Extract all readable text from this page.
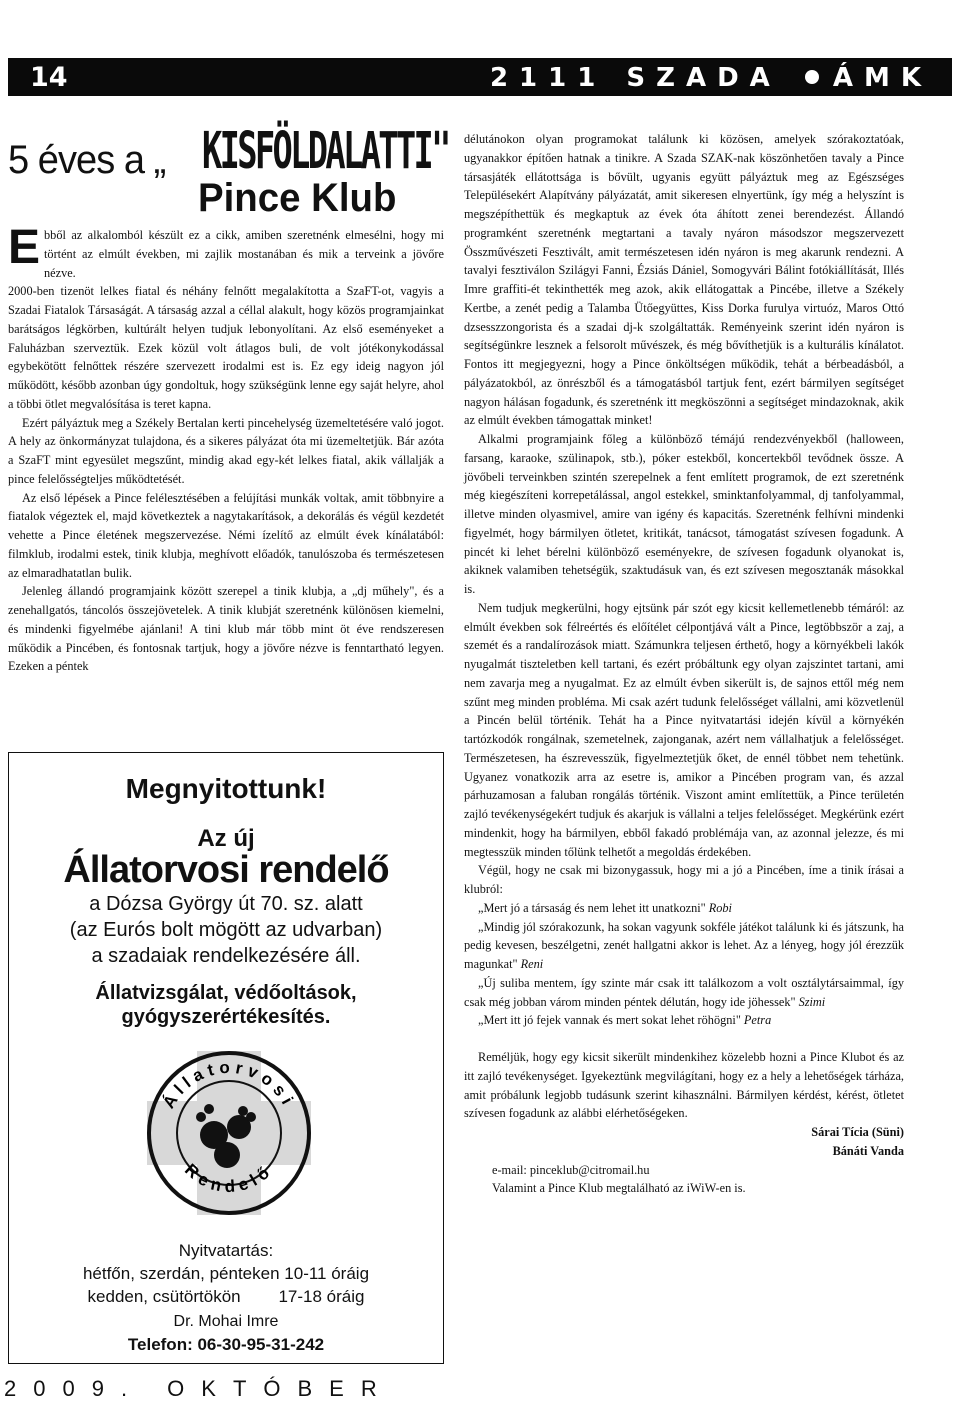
14	2111 SZADA ÁMK
5 éves a „ KISFÖLDALATTI"
Pince Klub

Ebből az alkalomból készült ez a cikk, amiben szeretnénk elmesélni, hogy mi történt az elmúlt években, mi zajlik mostanában és mik a terveink a jövőre nézve.

2000-ben tizenöt lelkes fiatal és néhány felnőtt megalakította a SzaFT-ot, vagyis a Szadai Fiatalok Társaságát. A társaság azzal a céllal alakult, hogy közös programjainkat barátságos légkörben, kultúrált helyen tudjuk lebonyolítani. Az első eseményeket a Faluházban szerveztük. Ezek közül volt átlagos buli, de volt jótékonykodással egybekötött felnőttek részére szervezett irodalmi est is. Ez egy ideig nagyon jól működött, később azonban úgy gondoltuk, hogy szükségünk lenne egy saját helyre, ahol a többi ötlet megvalósítása is teret kapna.

Ezért pályáztuk meg a Székely Bertalan kerti pincehelység üzemeltetésére való jogot. A hely az önkormányzat tulajdona, és a sikeres pályázat óta mi üzemeltetjük. Bár azóta a SzaFT mint egyesület megszűnt, mindig akad egy-két lelkes fiatal, akik vállalják a pince felelősségteljes működtetését.

Az első lépések a Pince felélesztésében a felújítási munkák voltak, amit többnyire a fiatalok végeztek el, majd következtek a nagytakarítások, a dekorálás és végül kezdetét vehette a Pince életének megszervezése. Némi ízelítő az elmúlt évek kínálatából: filmklub, irodalmi estek, tinik klubja, meghívott előadók, tanulószoba és természetesen az elmaradhatatlan bulik.

Jelenleg állandó programjaink között szerepel a tinik klubja, a „dj műhely", és a zenehallgatós, táncolós összejövetelek. A tinik klubját szeretnénk különösen kiemelni, és mindenki figyelmébe ajánlani! A tini klub már több mint öt éve rendszeresen működik a Pincében, és fontosnak tartjuk, hogy a jövőre nézve is fenntartható legyen. Ezeken a péntek

Megnyitottunk!
Az új
Állatorvosi rendelő
a Dózsa György út 70. sz. alatt
(az Eurós bolt mögött az udvarban)
a szadaiak rendelkezésére áll.
Állatvizsgálat, védőoltások,
gyógyszerértékesítés.
Állatorvosi
Rendelő
Nyitvatartás:
hétfőn, szerdán, pénteken 10-11 óráig
kedden, csütörtökön 17-18 óráig
Dr. Mohai Imre
Telefon: 06-30-95-31-242

délutánokon olyan programokat találunk ki közösen, amelyek szórakoztatóak, ugyanakkor építően hatnak a tinikre. A Szada SZAK-nak köszönhetően tavaly a Pince társasjáték ellátottsága is bővült, ugyanis együtt pályáztuk meg az Egészséges Településekért Alapítvány pályázatát, amit sikeresen elnyertünk, így még a helyszínt is megszépíthettük és megkaptuk az évek óta áhított zenei berendezést. Állandó programként szeretnénk megtartani a tavaly nyáron másodszor megszervezett Összművészeti Fesztivált, amit természetesen idén nyáron is meg akarunk rendezni. A tavalyi fesztiválon Szilágyi Fanni, Ézsiás Dániel, Somogyvári Bálint fotókiállítását, Illés Imre graffiti-ét tekinthették meg azok, akik ellátogattak a Pincébe, illetve a Székely Kertbe, a zenét pedig a Talamba Ütőegyüttes, Kiss Dorka furulya virtuóz, Maros Ottó dzsesszzongorista és a szadai dj-k szolgáltatták. Reményeink szerint idén nyáron is segítségünkre lesznek a felsorolt művészek, és még bővíthetjük is a kulturális kínálatot. Fontos itt megjegyezni, hogy a Pince önköltségen működik, tehát a bérbeadásból, a pályázatokból, az önrészből és a támogatásból tartjuk fent, ezért bármilyen segítséget nagyon hálásan fogadunk, és szeretnénk itt megköszönni a segítséget mindazoknak, akik az elmúlt években támogattak minket!

Alkalmi programjaink főleg a különböző témájú rendezvényekből (halloween, farsang, karaoke, szülinapok, stb.), póker estekből, koncertekből tevődnek össze. A jövőbeli terveinkben szintén szerepelnek a fent említett programok, de ezt szeretnénk még kiegészíteni korrepetálással, angol estekkel, sminktanfolyammal, dj tanfolyammal, illetve minden olyasmivel, amire van igény és kapacitás. Szeretnénk felhívni mindenki figyelmét, hogy bármilyen ötletet, kritikát, tanácsot, támogatást szívesen fogadunk. A pincét ki lehet bérelni különböző eseményekre, de szívesen fogadunk olyanokat is, akiknek valamiben tehetségük, szaktudásuk van, és ezt szívesen megosztanák másokkal is.

Nem tudjuk megkerülni, hogy ejtsünk pár szót egy kicsit kellemetlenebb témáról: az elmúlt években sok félreértés és előítélet célpontjává vált a Pince, legtöbbször a zaj, a szemét és a randalírozások miatt. Számunkra teljesen érthető, hogy a környékbeli lakók nyugalmát tiszteletben kell tartani, és ezért próbáltunk egy olyan zajszintet tartani, ami nem zavarja meg a nyugalmat. Ez az elmúlt évben sikerült is, de sajnos ettől még nem szűnt meg minden probléma. Mi csak azért tudunk felelősséget vállalni, ami közvetlenül a Pincén belül történik. Tehát ha a Pince nyitvatartási idején kívül a környékén tartózkodók rongálnak, szemetelnek, zajonganak, azért nem vállalhatjuk a felelősséget. Természetesen, ha észrevesszük, figyelmeztetjük őket, de ennél többet nem tehetünk. Ugyanez vonatkozik arra az esetre is, amikor a Pincében program van, és azzal párhuzamosan a faluban rongálás történik. Viszont amint említettük, a Pince területén zajló tevékenységekért tudjuk és akarjuk is vállalni a teljes felelősséget. Megkérünk ezért mindenkit, hogy ha bármilyen, ebből fakadó problémája van, az azonnal jelezze, és mi megtesszük minden tőlünk telhetőt a megoldás érdekében.

Végül, hogy ne csak mi bizonygassuk, hogy mi a jó a Pincében, íme a tinik írásai a klubról:

„Mert jó a társaság és nem lehet itt unatkozni" Robi

„Mindig jól szórakozunk, ha sokan vagyunk sokféle játékot találunk ki és játszunk, ha pedig kevesen, beszélgetni, zenét hallgatni akkor is lehet. Az a lényeg, hogy jól érezzük magunkat" Reni

„Új suliba mentem, így szinte már csak itt találkozom a volt osztálytársaimmal, így csak még jobban várom minden péntek délután, hogy ide jöhessek" Szimi

„Mert itt jó fejek vannak és mert sokat lehet röhögni" Petra

Reméljük, hogy egy kicsit sikerült mindenkihez közelebb hozni a Pince Klubot és az itt zajló tevékenységet. Igyekeztünk megvilágítani, hogy ez a hely a lehetőségek tárháza, amit próbálunk legjobb tudásunk szerint kihasználni. Bármilyen kérdést, kérést, ötletet szívesen fogadunk az alábbi elérhetőségeken.

Sárai Tícia (Süni)

Bánáti Vanda

e-mail: pinceklub@citromail.hu

Valamint a Pince Klub megtalálható az iWiW-en is.

2009. OKTÓBER
